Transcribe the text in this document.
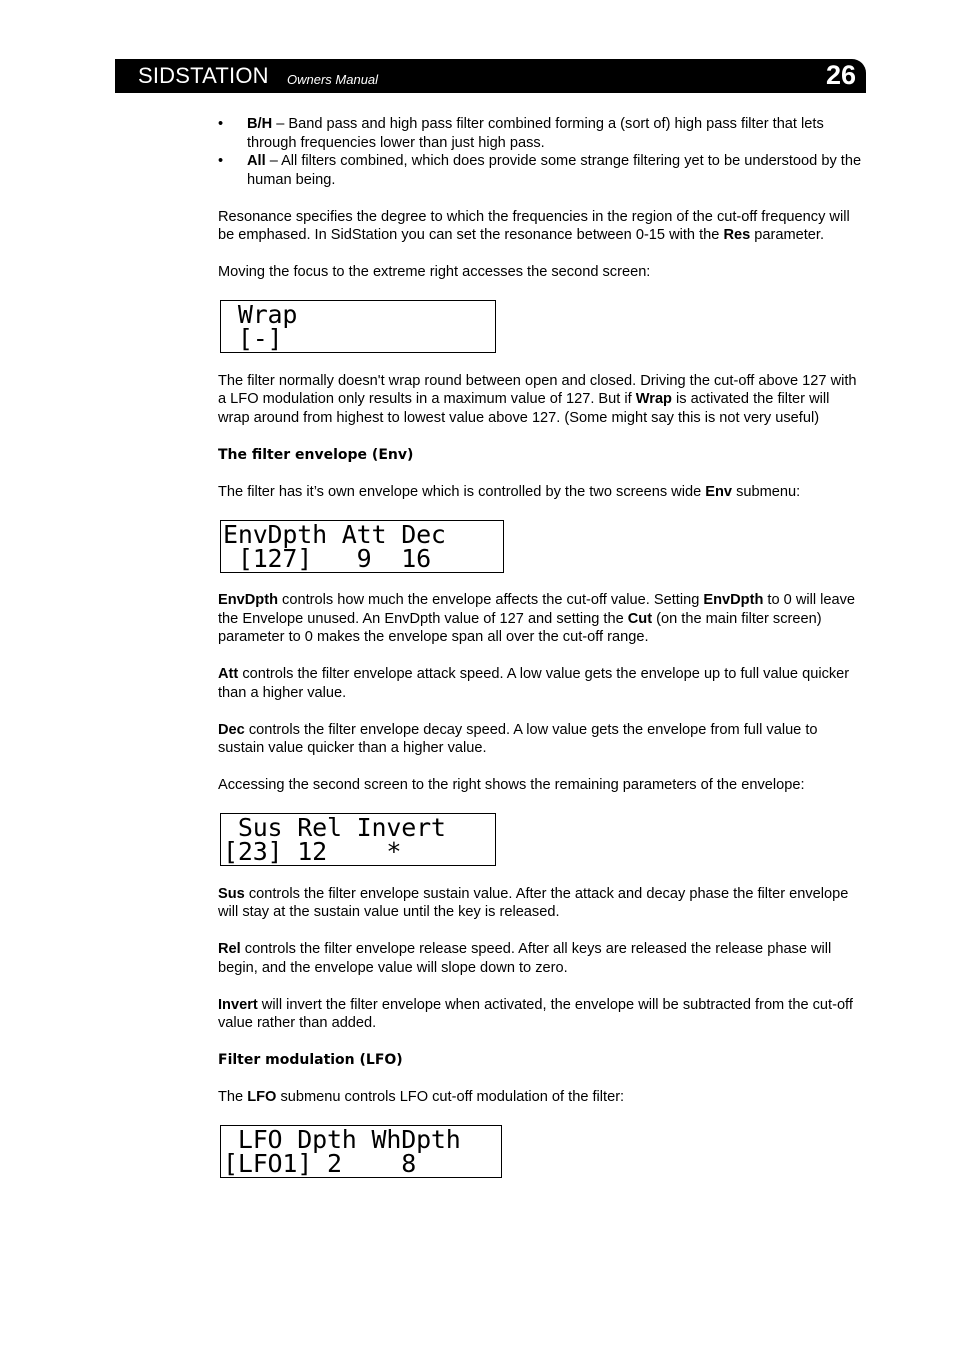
SIDSTATION Owners Manual	26
• B/H – Band pass and high pass filter combined forming a (sort of) high pass filter that lets through frequencies lower than just high pass.
• All – All filters combined, which does provide some strange filtering yet to be understood by the human being.

Resonance specifies the degree to which the frequencies in the region of the cut-off frequency will be emphased. In SidStation you can set the resonance between 0-15 with the Res parameter.

Moving the focus to the extreme right accesses the second screen:

Wrap
[-]

The filter normally doesn't wrap round between open and closed. Driving the cut-off above 127 with a LFO modulation only results in a maximum value of 127. But if Wrap is activated the filter will wrap around from highest to lowest value above 127. (Some might say this is not very useful)

The filter envelope (Env)

The filter has it’s own envelope which is controlled by the two screens wide Env submenu:

EnvDpth Att Dec
[127]   9  16

EnvDpth controls how much the envelope affects the cut-off value. Setting EnvDpth to 0 will leave the Envelope unused. An EnvDpth value of 127 and setting the Cut (on the main filter screen) parameter to 0 makes the envelope span all over the cut-off range.

Att controls the filter envelope attack speed. A low value gets the envelope up to full value quicker than a higher value.

Dec controls the filter envelope decay speed. A low value gets the envelope from full value to sustain value quicker than a higher value.

Accessing the second screen to the right shows the remaining parameters of the envelope:

Sus Rel Invert
[23] 12    *

Sus controls the filter envelope sustain value. After the attack and decay phase the filter envelope will stay at the sustain value until the key is released.

Rel controls the filter envelope release speed. After all keys are released the release phase will begin, and the envelope value will slope down to zero.

Invert will invert the filter envelope when activated, the envelope will be subtracted from the cut-off value rather than added.

Filter modulation (LFO)

The LFO submenu controls LFO cut-off modulation of the filter:

LFO Dpth WhDpth
[LFO1] 2    8
